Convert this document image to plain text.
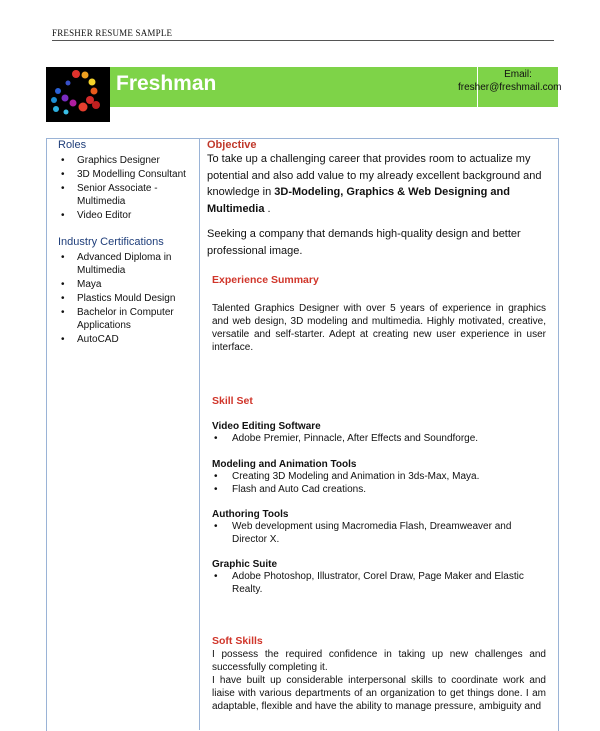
FRESHER RESUME SAMPLE
Freshman	Email:
fresher@freshmail.com
Roles
• Graphics Designer
• 3D Modelling Consultant
• Senior Associate -
Multimedia
• Video Editor
Industry Certifications
• Advanced Diploma in
Multimedia
• Maya
• Plastics Mould Design
• Bachelor in Computer
Applications
• AutoCAD
Objective
To take up a challenging career that provides room to actualize my potential and also add value to my already excellent background and knowledge in 3D-Modeling, Graphics & Web Designing and Multimedia .
Seeking a company that demands high-quality design and better professional image.
Experience Summary
Talented Graphics Designer with over 5 years of experience in graphics and web design, 3D modeling and multimedia. Highly motivated, creative, versatile and self-starter. Adept at creating new user experience in user interface.
Skill Set
Video Editing Software
• Adobe Premier, Pinnacle, After Effects and Soundforge.
Modeling and Animation Tools
• Creating 3D Modeling and Animation in 3ds-Max, Maya.
• Flash and Auto Cad creations.
Authoring Tools
• Web development using Macromedia Flash, Dreamweaver and Director X.
Graphic Suite
• Adobe Photoshop, Illustrator, Corel Draw, Page Maker and Elastic Realty.
Soft Skills
I possess the required confidence in taking up new challenges and successfully completing it.
I have built up considerable interpersonal skills to coordinate work and liaise with various departments of an organization to get things done. I am adaptable, flexible and have the ability to manage pressure, ambiguity and
